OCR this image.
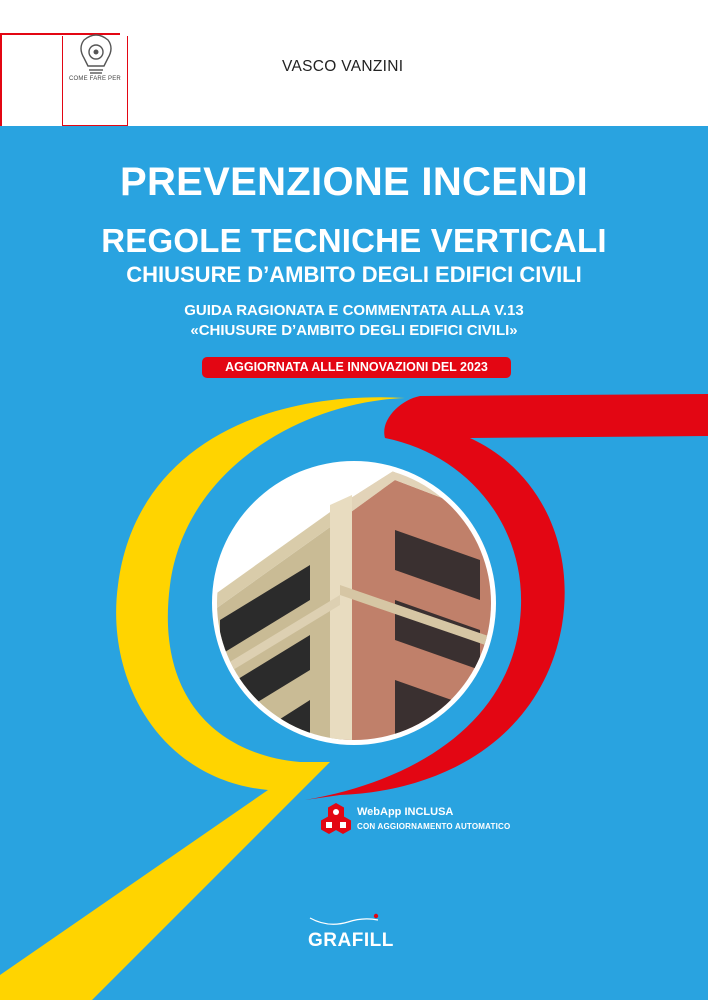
COME FARE PER
VASCO VANZINI
PREVENZIONE INCENDI
REGOLE TECNICHE VERTICALI
CHIUSURE D’AMBITO DEGLI EDIFICI CIVILI
GUIDA RAGIONATA E COMMENTATA ALLA V.13
«CHIUSURE D’AMBITO DEGLI EDIFICI CIVILI»
AGGIORNATA ALLE INNOVAZIONI DEL 2023
WebApp INCLUSA
CON AGGIORNAMENTO AUTOMATICO
GRAFILL
